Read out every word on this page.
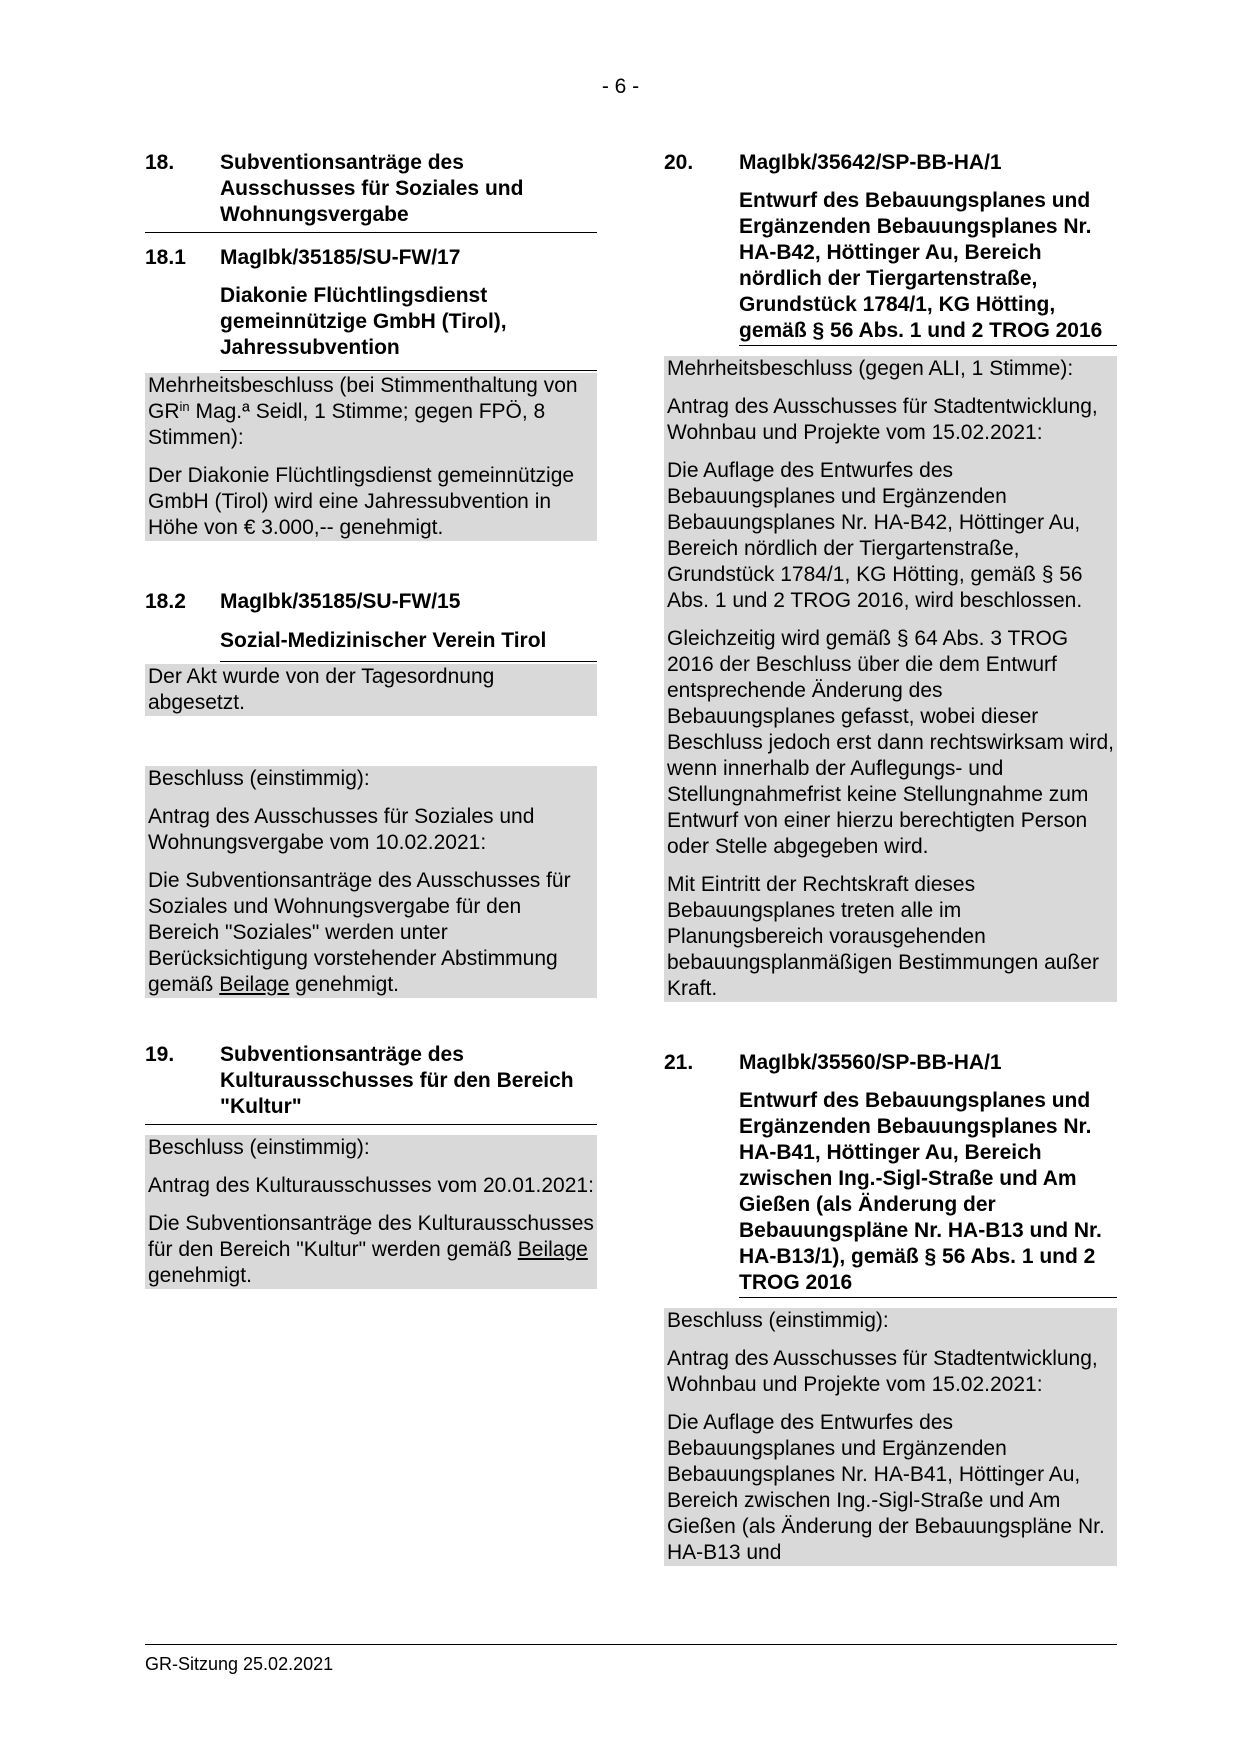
- 6 -
18.	Subventionsanträge des Ausschusses für Soziales und Wohnungsvergabe
18.1	MagIbk/35185/SU-FW/17
Diakonie Flüchtlingsdienst gemeinnützige GmbH (Tirol), Jahressubvention

Mehrheitsbeschluss (bei Stimmenthaltung von $GR^{in}$ Mag.ª Seidl, 1 Stimme; gegen FPÖ, 8 Stimmen):

Der Diakonie Flüchtlingsdienst gemeinnützige GmbH (Tirol) wird eine Jahressubvention in Höhe von € 3.000,-- genehmigt.

18.2	MagIbk/35185/SU-FW/15
Sozial-Medizinischer Verein Tirol

Der Akt wurde von der Tagesordnung abgesetzt.

Beschluss (einstimmig):

Antrag des Ausschusses für Soziales und Wohnungsvergabe vom 10.02.2021:

Die Subventionsanträge des Ausschusses für Soziales und Wohnungsvergabe für den Bereich "Soziales" werden unter Berücksichtigung vorstehender Abstimmung gemäß Beilage genehmigt.

19.	Subventionsanträge des Kulturausschusses für den Bereich "Kultur"

Beschluss (einstimmig):

Antrag des Kulturausschusses vom 20.01.2021:

Die Subventionsanträge des Kulturausschusses für den Bereich "Kultur" werden gemäß Beilage genehmigt.

20.	MagIbk/35642/SP-BB-HA/1
Entwurf des Bebauungsplanes und Ergänzenden Bebauungsplanes Nr. HA-B42, Höttinger Au, Bereich nördlich der Tiergartenstraße, Grundstück 1784/1, KG Hötting, gemäß § 56 Abs. 1 und 2 TROG 2016

Mehrheitsbeschluss (gegen ALI, 1 Stimme):

Antrag des Ausschusses für Stadtentwicklung, Wohnbau und Projekte vom 15.02.2021:

Die Auflage des Entwurfes des Bebauungsplanes und Ergänzenden Bebauungsplanes Nr. HA-B42, Höttinger Au, Bereich nördlich der Tiergartenstraße, Grundstück 1784/1, KG Hötting, gemäß § 56 Abs. 1 und 2 TROG 2016, wird beschlossen.

Gleichzeitig wird gemäß § 64 Abs. 3 TROG 2016 der Beschluss über die dem Entwurf entsprechende Änderung des Bebauungsplanes gefasst, wobei dieser Beschluss jedoch erst dann rechtswirksam wird, wenn innerhalb der Auflegungs- und Stellungnahmefrist keine Stellungnahme zum Entwurf von einer hierzu berechtigten Person oder Stelle abgegeben wird.

Mit Eintritt der Rechtskraft dieses Bebauungsplanes treten alle im Planungsbereich vorausgehenden bebauungsplanmäßigen Bestimmungen außer Kraft.

21.	MagIbk/35560/SP-BB-HA/1
Entwurf des Bebauungsplanes und Ergänzenden Bebauungsplanes Nr. HA-B41, Höttinger Au, Bereich zwischen Ing.-Sigl-Straße und Am Gießen (als Änderung der Bebauungspläne Nr. HA-B13 und Nr. HA-B13/1), gemäß § 56 Abs. 1 und 2 TROG 2016

Beschluss (einstimmig):

Antrag des Ausschusses für Stadtentwicklung, Wohnbau und Projekte vom 15.02.2021:

Die Auflage des Entwurfes des Bebauungsplanes und Ergänzenden Bebauungsplanes Nr. HA-B41, Höttinger Au, Bereich zwischen Ing.-Sigl-Straße und Am Gießen (als Änderung der Bebauungspläne Nr. HA-B13 und

GR-Sitzung 25.02.2021
